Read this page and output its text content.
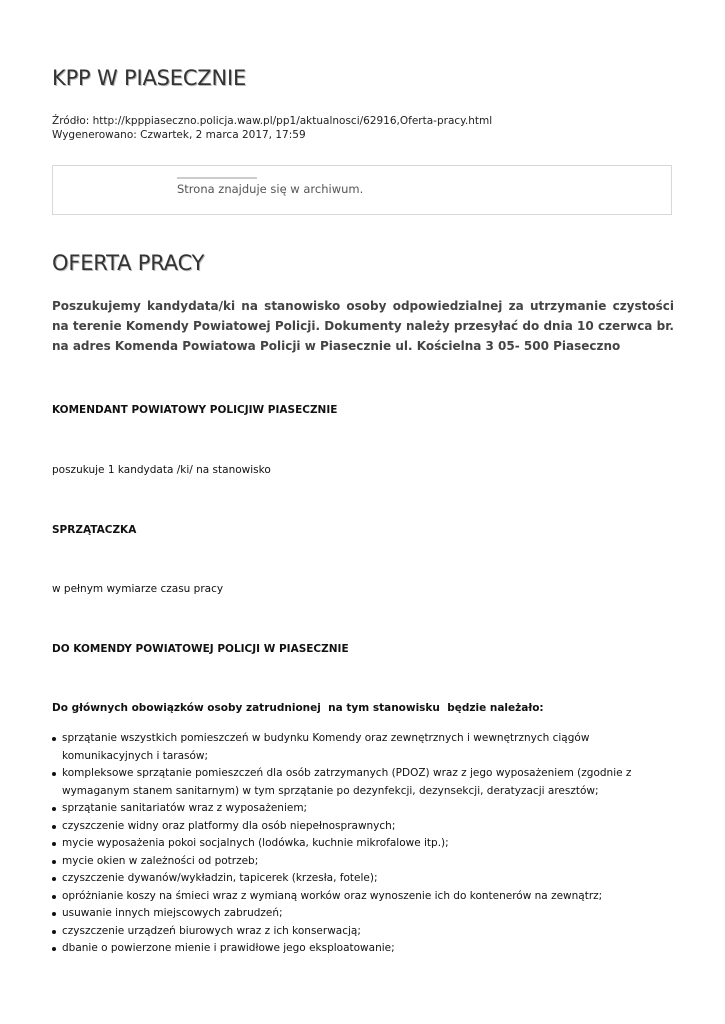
KPP W PIASECZNIE
Źródło: http://kpppiaseczno.policja.waw.pl/pp1/aktualnosci/62916,Oferta-pracy.html
Wygenerowano: Czwartek, 2 marca 2017, 17:59
Strona znajduje się w archiwum.
OFERTA PRACY

Poszukujemy kandydata/ki na stanowisko osoby odpowiedzialnej za utrzymanie czystości na terenie Komendy Powiatowej Policji. Dokumenty należy przesyłać do dnia 10 czerwca br. na adres Komenda Powiatowa Policji w Piasecznie ul. Kościelna 3 05- 500 Piaseczno

KOMENDANT POWIATOWY POLICJIW PIASECZNIE
poszukuje 1 kandydata /ki/ na stanowisko
SPRZĄTACZKA
w pełnym wymiarze czasu pracy
DO KOMENDY POWIATOWEJ POLICJI W PIASECZNIE
Do głównych obowiązków osoby zatrudnionej  na tym stanowisku  będzie należało:
sprzątanie wszystkich pomieszczeń w budynku Komendy oraz zewnętrznych i wewnętrznych ciągów komunikacyjnych i tarasów;
kompleksowe sprzątanie pomieszczeń dla osób zatrzymanych (PDOZ) wraz z jego wyposażeniem (zgodnie z wymaganym stanem sanitarnym) w tym sprzątanie po dezynfekcji, dezynsekcji, deratyzacji aresztów;
sprzątanie sanitariatów wraz z wyposażeniem;
czyszczenie widny oraz platformy dla osób niepełnosprawnych;
mycie wyposażenia pokoi socjalnych (lodówka, kuchnie mikrofalowe itp.);
mycie okien w zależności od potrzeb;
czyszczenie dywanów/wykładzin, tapicerek (krzesła, fotele);
opróżnianie koszy na śmieci wraz z wymianą worków oraz wynoszenie ich do kontenerów na zewnątrz;
usuwanie innych miejscowych zabrudzeń;
czyszczenie urządzeń biurowych wraz z ich konserwacją;
dbanie o powierzone mienie i prawidłowe jego eksploatowanie;
